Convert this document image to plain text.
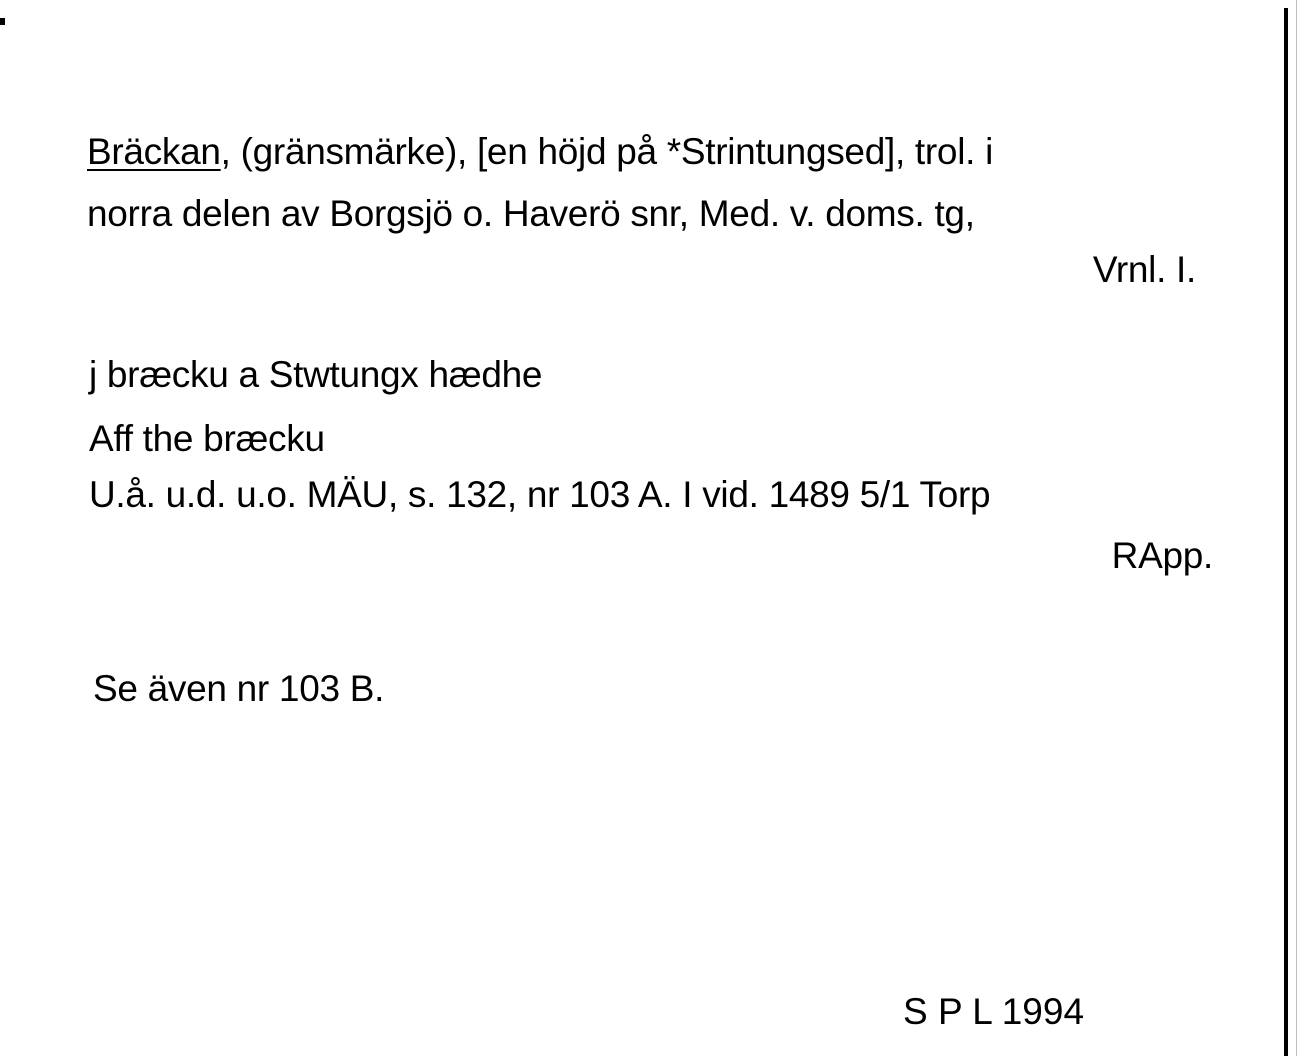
Bräckan, (gränsmärke), [en höjd på *Strintungsed], trol. i
norra delen av Borgsjö o. Haverö snr, Med. v. doms. tg,
Vrnl. I.
j bræcku a Stwtungx hædhe
Aff the bræcku
U.å. u.d. u.o. MÄU, s. 132, nr 103 A. I vid. 1489 5/1 Torp
RApp.
Se även nr 103 B.
S P L 1994
